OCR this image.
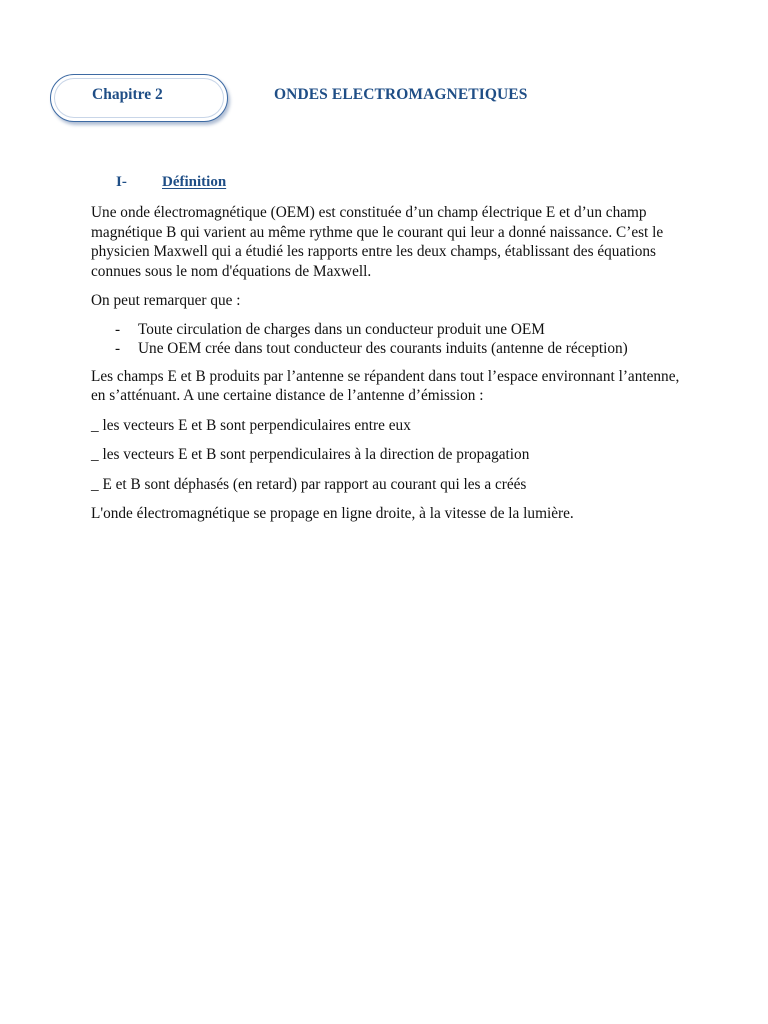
Chapitre 2	ONDES ELECTROMAGNETIQUES
I- Définition

Une onde électromagnétique (OEM) est constituée d’un champ électrique E et d’un champ magnétique B qui varient au même rythme que le courant qui leur a donné naissance. C’est le physicien Maxwell qui a étudié les rapports entre les deux champs, établissant des équations connues sous le nom d'équations de Maxwell.

On peut remarquer que :

- Toute circulation de charges dans un conducteur produit une OEM
- Une OEM crée dans tout conducteur des courants induits (antenne de réception)

Les champs E et B produits par l’antenne se répandent dans tout l’espace environnant l’antenne, en s’atténuant. A une certaine distance de l’antenne d’émission :

_ les vecteurs E et B sont perpendiculaires entre eux

_ les vecteurs E et B sont perpendiculaires à la direction de propagation

_ E et B sont déphasés (en retard) par rapport au courant qui les a créés

L'onde électromagnétique se propage en ligne droite, à la vitesse de la lumière.
